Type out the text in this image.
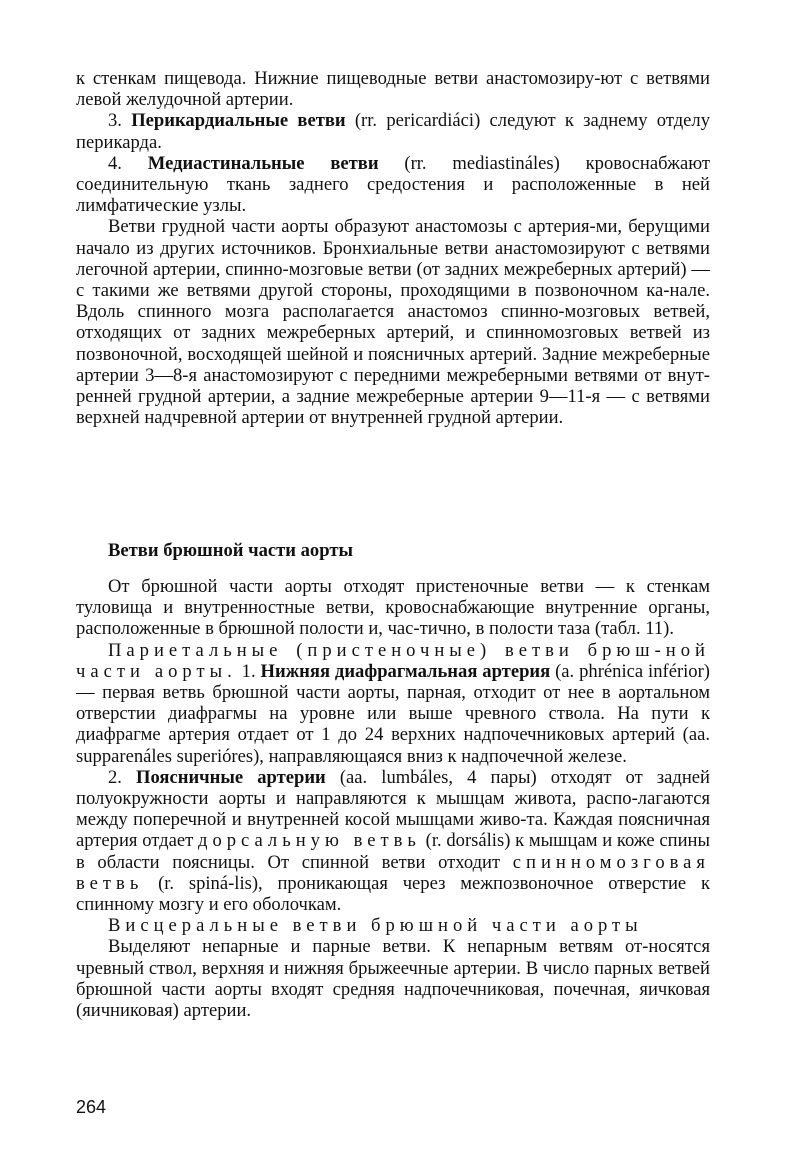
к стенкам пищевода. Нижние пищеводные ветви анастомозиру-ют с ветвями левой желудочной артерии.

3. Перикардиальные ветви (rr. pericardiáci) следуют к заднему отделу перикарда.

4. Медиастинальные ветви (rr. mediastináles) кровоснабжают соединительную ткань заднего средостения и расположенные в ней лимфатические узлы.

Ветви грудной части аорты образуют анастомозы с артерия-ми, берущими начало из других источников. Бронхиальные ветви анастомозируют с ветвями легочной артерии, спинно-мозговые ветви (от задних межреберных артерий) — с такими же ветвями другой стороны, проходящими в позвоночном ка-нале. Вдоль спинного мозга располагается анастомоз спинно-мозговых ветвей, отходящих от задних межреберных артерий, и спинномозговых ветвей из позвоночной, восходящей шейной и поясничных артерий. Задние межреберные артерии 3—8-я анастомозируют с передними межреберными ветвями от внут-ренней грудной артерии, а задние межреберные артерии 9—11-я — с ветвями верхней надчревной артерии от внутренней грудной артерии.

Ветви брюшной части аорты

От брюшной части аорты отходят пристеночные ветви — к стенкам туловища и внутренностные ветви, кровоснабжающие внутренние органы, расположенные в брюшной полости и, час-тично, в полости таза (табл. 11).

Париетальные (пристеночные) ветви брюш-ной части аорты. 1. Нижняя диафрагмальная артерия (a. phrénica inférior) — первая ветвь брюшной части аорты, парная, отходит от нее в аортальном отверстии диафрагмы на уровне или выше чревного ствола. На пути к диафрагме артерия отдает от 1 до 24 верхних надпочечниковых артерий (aa. supparenáles superióres), направляющаяся вниз к надпочечной железе.

2. Поясничные артерии (aa. lumbáles, 4 пары) отходят от задней полуокружности аорты и направляются к мышцам живота, распо-лагаются между поперечной и внутренней косой мышцами живо-та. Каждая поясничная артерия отдает дорсальную ветвь (r. dorsális) к мышцам и коже спины в области поясницы. От спинной ветви отходит спинномозговая ветвь (r. spiná-lis), проникающая через межпозвоночное отверстие к спинному мозгу и его оболочкам.

Висцеральные ветви брюшной части аорты

Выделяют непарные и парные ветви. К непарным ветвям от-носятся чревный ствол, верхняя и нижняя брыжеечные артерии. В число парных ветвей брюшной части аорты входят средняя надпочечниковая, почечная, яичковая (яичниковая) артерии.

264
